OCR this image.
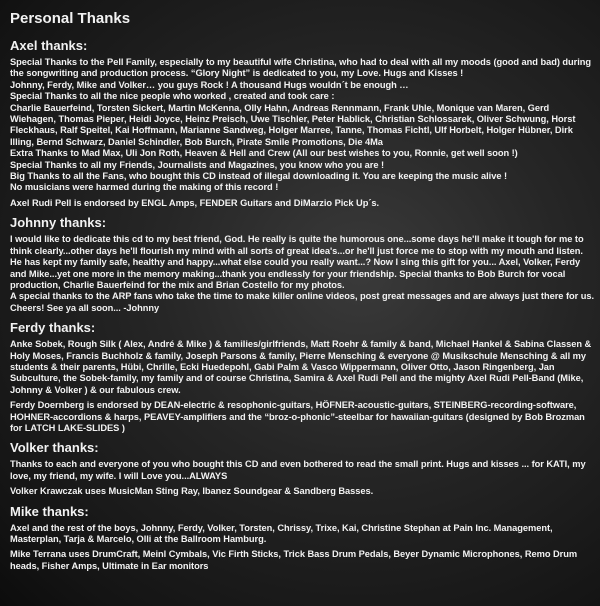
Personal Thanks
Axel thanks:

Special Thanks to the Pell Family, especially to my beautiful wife Christina, who had to deal with all my moods (good and bad) during the songwriting and production process. “Glory Night” is dedicated to you, my Love. Hugs and Kisses !
Johnny, Ferdy, Mike and Volker… you guys Rock ! A thousand Hugs wouldn´t be enough …
Special Thanks to all the nice people who worked , created and took care :
Charlie Bauerfeind, Torsten Sickert, Martin McKenna, Olly Hahn, Andreas Rennmann, Frank Uhle, Monique van Maren, Gerd Wiehagen, Thomas Pieper, Heidi Joyce, Heinz Preisch, Uwe Tischler, Peter Hablick, Christian Schlossarek, Oliver Schwung, Horst Fleckhaus, Ralf Speitel, Kai Hoffmann, Marianne Sandweg, Holger Marree, Tanne, Thomas Fichtl, Ulf Horbelt, Holger Hübner, Dirk Illing, Bernd Schwarz, Daniel Schindler, Bob Burch, Pirate Smile Promotions, Die 4Ma
Extra Thanks to Mad Max, Uli Jon Roth, Heaven & Hell and Crew (All our best wishes to you, Ronnie, get well soon !)
Special Thanks to all my Friends, Journalists and Magazines, you know who you are !
Big Thanks to all the Fans, who bought this CD instead of illegal downloading it. You are keeping the music alive !
No musicians were harmed during the making of this record !

Axel Rudi Pell is endorsed by ENGL Amps, FENDER Guitars and DiMarzio Pick Up´s.

Johnny thanks:

I would like to dedicate this cd to my best friend, God. He really is quite the humorous one...some days he'll make it tough for me to think clearly...other days he'll flourish my mind with all sorts of great idea's...or he'll just force me to stop with my mouth and listen. He has kept my family safe, healthy and happy...what else could you really want...? Now I sing this gift for you... Axel, Volker, Ferdy and Mike...yet one more in the memory making...thank you endlessly for your friendship. Special thanks to Bob Burch for vocal production, Charlie Bauerfeind for the mix and Brian Costello for my photos.
A special thanks to the ARP fans who take the time to make killer online videos, post great messages and are always just there for us. Cheers! See ya all soon... -Johnny

Ferdy thanks:

Anke Sobek, Rough Silk ( Alex, André & Mike ) & families/girlfriends, Matt Roehr & family & band, Michael Hankel & Sabina Classen & Holy Moses, Francis Buchholz & family, Joseph Parsons & family, Pierre Mensching & everyone @ Musikschule Mensching & all my students & their parents, Hübi, Chrille, Ecki Huedepohl, Gabi Palm & Vasco Wippermann, Oliver Otto, Jason Ringenberg, Jan Subculture, the Sobek-family, my family and of course Christina, Samira & Axel Rudi Pell and the mighty Axel Rudi Pell-Band (Mike, Johnny & Volker ) & our fabulous crew.

Ferdy Doernberg is endorsed by DEAN-electric & resophonic-guitars, HÖFNER-acoustic-guitars, STEINBERG-recording-software, HOHNER-accordions & harps, PEAVEY-amplifiers and the “broz-o-phonic”-steelbar for hawaiian-guitars (designed by Bob Brozman for LATCH LAKE-SLIDES )

Volker thanks:

Thanks to each and everyone of you who bought this CD and even bothered to read the small print. Hugs and kisses ... for KATI, my love, my friend, my wife. I will Love you...ALWAYS

Volker Krawczak uses MusicMan Sting Ray, Ibanez Soundgear & Sandberg Basses.

Mike thanks:

Axel and the rest of the boys, Johnny, Ferdy, Volker, Torsten, Chrissy, Trixe, Kai, Christine Stephan at Pain Inc. Management, Masterplan, Tarja & Marcelo, Olli at the Ballroom Hamburg.

Mike Terrana uses DrumCraft, Meinl Cymbals, Vic Firth Sticks, Trick Bass Drum Pedals, Beyer Dynamic Microphones, Remo Drum heads, Fisher Amps, Ultimate in Ear monitors
